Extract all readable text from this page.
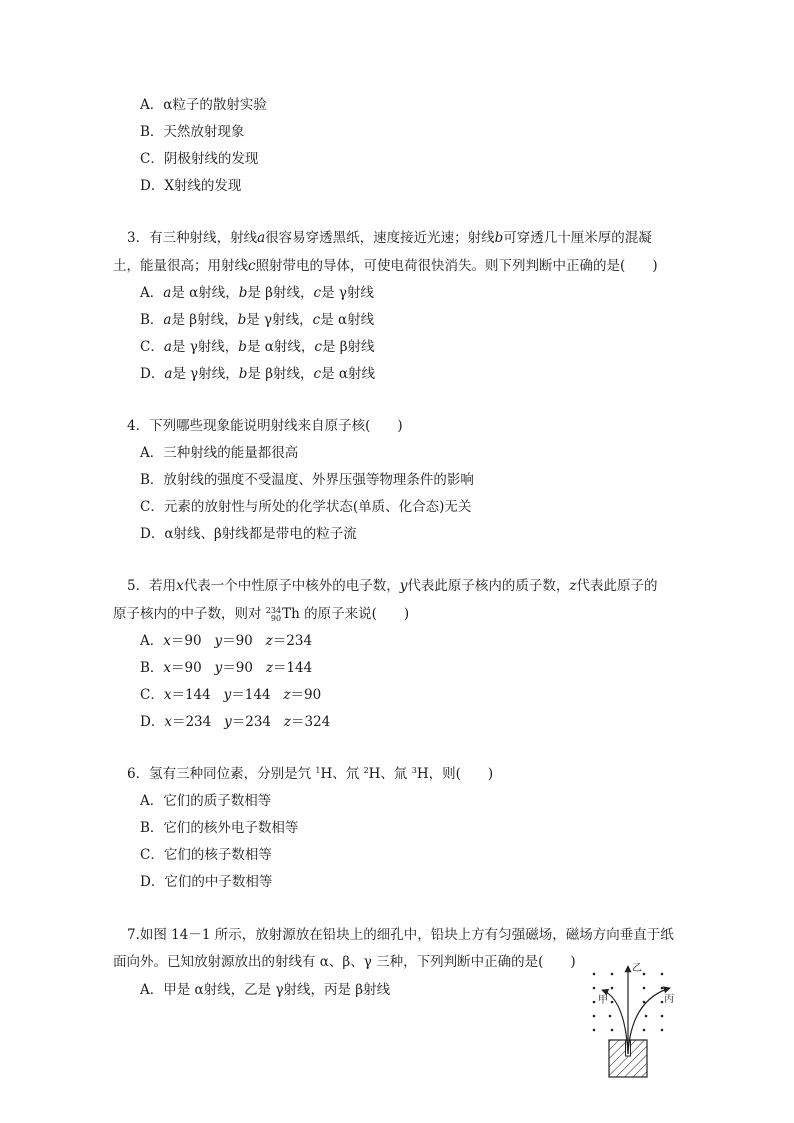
A．α粒子的散射实验
B．天然放射现象
C．阴极射线的发现
D．X射线的发现
3．有三种射线，射线a很容易穿透黑纸，速度接近光速；射线b可穿透几十厘米厚的混凝
土，能量很高；用射线c照射带电的导体，可使电荷很快消失。则下列判断中正确的是(　　)
A．a是 α射线，b是 β射线，c是 γ射线
B．a是 β射线，b是 γ射线，c是 α射线
C．a是 γ射线，b是 α射线，c是 β射线
D．a是 γ射线，b是 β射线，c是 α射线
4．下列哪些现象能说明射线来自原子核(　　)
A．三种射线的能量都很高
B．放射线的强度不受温度、外界压强等物理条件的影响
C．元素的放射性与所处的化学状态(单质、化合态)无关
D．α射线、β射线都是带电的粒子流
5．若用x代表一个中性原子中核外的电子数，y代表此原子核内的质子数，z代表此原子的
原子核内的中子数，则对 234
90 Th 的原子来说(　　)
A．x＝90 y＝90 z＝234
B．x＝90 y＝90 z＝144
C．x＝144 y＝144 z＝90
D．x＝234 y＝234 z＝324
6．氢有三种同位素，分别是氕 $^1$H、氘 $^2$H、氚 $^3$H，则(　　)
A．它们的质子数相等
B．它们的核外电子数相等
C．它们的核子数相等
D．它们的中子数相等
7.如图 14－1 所示，放射源放在铅块上的细孔中，铅块上方有匀强磁场，磁场方向垂直于纸
面向外。已知放射源放出的射线有 α、β、γ 三种，下列判断中正确的是(　　)
A．甲是 α射线，乙是 γ射线，丙是 β射线
乙
甲	丙
